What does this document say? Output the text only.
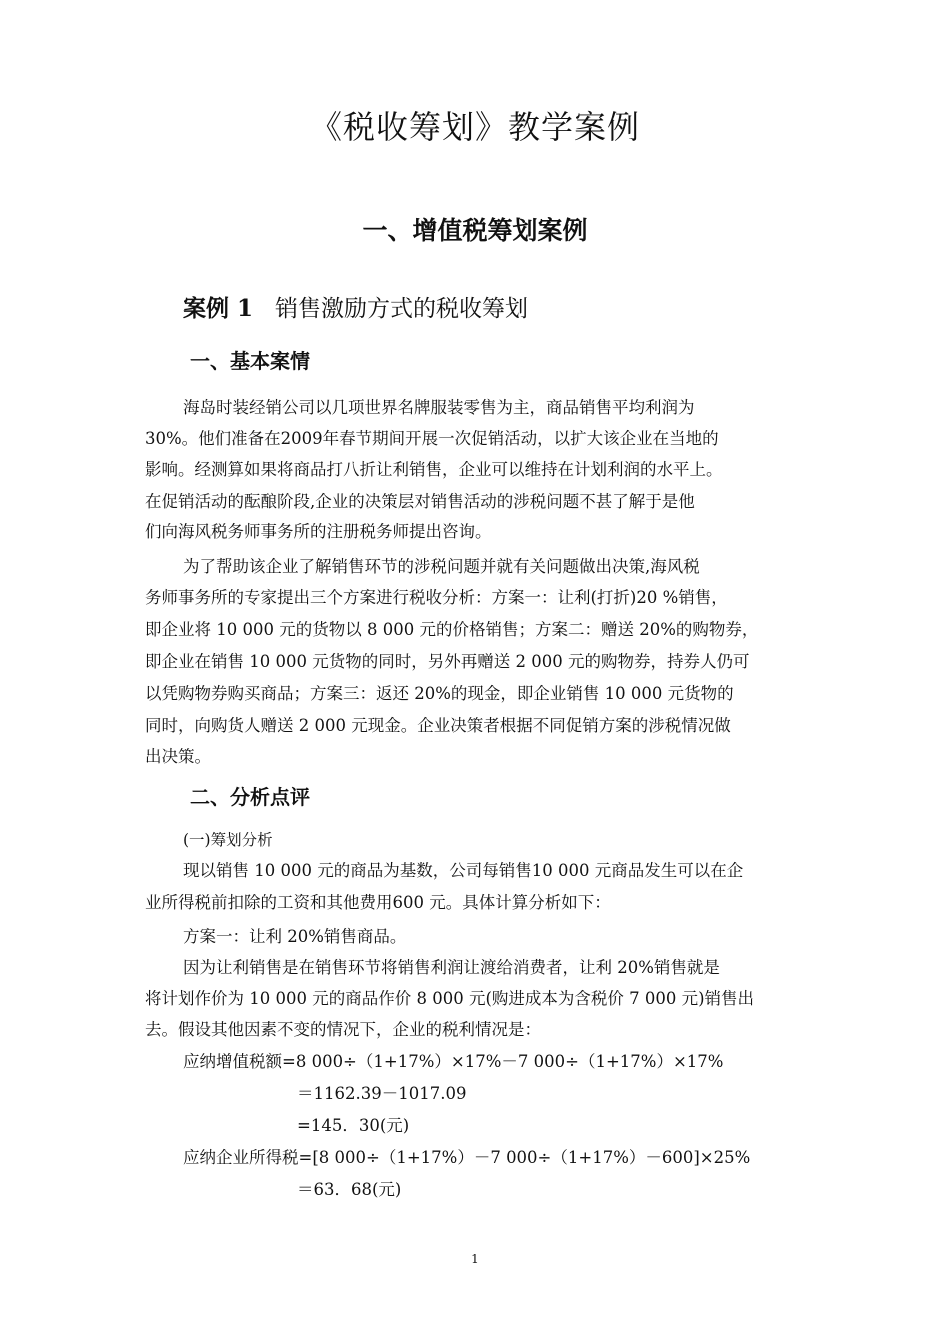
《税收筹划》教学案例
一、增值税筹划案例
案例 1 销售激励方式的税收筹划
一、基本案情
海岛时装经销公司以几项世界名牌服装零售为主，商品销售平均利润为
30%。他们准备在2009年春节期间开展一次促销活动，以扩大该企业在当地的
影响。经测算如果将商品打八折让利销售，企业可以维持在计划利润的水平上。
在促销活动的酝酿阶段,企业的决策层对销售活动的涉税问题不甚了解于是他
们向海风税务师事务所的注册税务师提出咨询。
为了帮助该企业了解销售环节的涉税问题并就有关问题做出决策,海风税
务师事务所的专家提出三个方案进行税收分析：方案一：让利(打折)20 %销售，
即企业将 10 000 元的货物以 8 000 元的价格销售；方案二：赠送 20%的购物券，
即企业在销售 10 000 元货物的同时，另外再赠送 2 000 元的购物券，持券人仍可
以凭购物券购买商品；方案三：返还 20%的现金，即企业销售 10 000 元货物的
同时，向购货人赠送 2 000 元现金。企业决策者根据不同促销方案的涉税情况做
出决策。
二、分析点评
(一)筹划分析
现以销售 10 000 元的商品为基数，公司每销售10 000 元商品发生可以在企
业所得税前扣除的工资和其他费用600 元。具体计算分析如下：
方案一：让利 20%销售商品。
因为让利销售是在销售环节将销售利润让渡给消费者，让利 20%销售就是
将计划作价为 10 000 元的商品作价 8 000 元(购进成本为含税价 7 000 元)销售出
去。假设其他因素不变的情况下，企业的税利情况是：
应纳增值税额=8 000÷（1+17%）×17%－7 000÷（1+17%）×17%
＝1162.39－1017.09
=145．30(元)
应纳企业所得税=[8 000÷（1+17%）－7 000÷（1+17%）－600]×25%
＝63．68(元)
1
